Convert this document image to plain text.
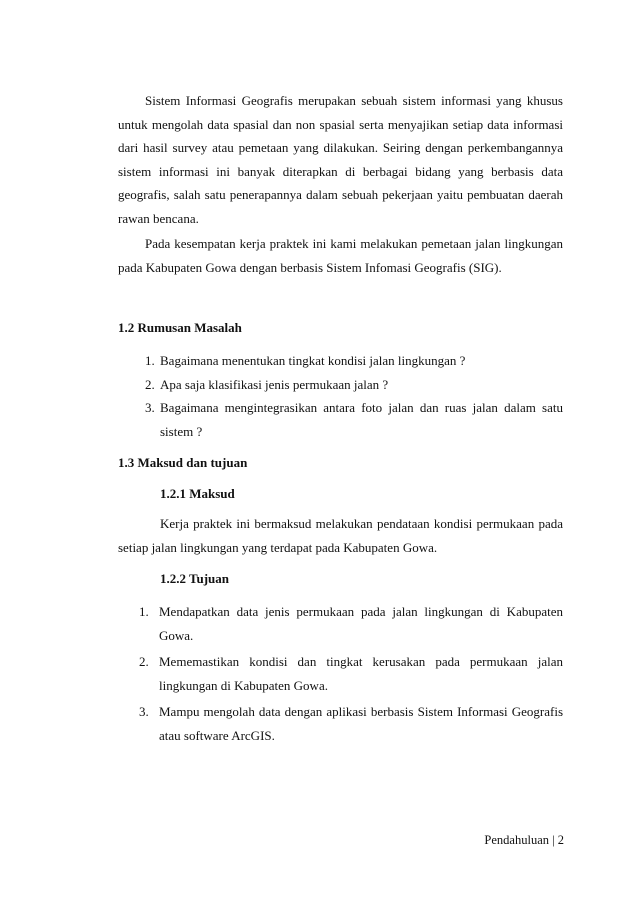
Sistem Informasi Geografis merupakan sebuah sistem informasi yang khusus untuk mengolah data spasial dan non spasial serta menyajikan setiap data informasi dari hasil survey atau pemetaan yang dilakukan. Seiring dengan perkembangannya sistem informasi ini banyak diterapkan di berbagai bidang yang berbasis data geografis, salah satu penerapannya dalam sebuah pekerjaan yaitu pembuatan daerah rawan bencana.

Pada kesempatan kerja praktek ini kami melakukan pemetaan jalan lingkungan pada Kabupaten Gowa dengan berbasis Sistem Infomasi Geografis (SIG).

1.2 Rumusan Masalah

1. Bagaimana menentukan tingkat kondisi jalan lingkungan ?
2. Apa saja klasifikasi jenis permukaan jalan ?
3. Bagaimana mengintegrasikan antara foto jalan dan ruas jalan dalam satu sistem ?

1.3 Maksud dan tujuan

1.2.1 Maksud

Kerja praktek ini bermaksud melakukan pendataan kondisi permukaan pada setiap jalan lingkungan yang terdapat pada Kabupaten Gowa.

1.2.2 Tujuan

1. Mendapatkan data jenis permukaan pada jalan lingkungan di Kabupaten Gowa.
2. Mememastikan kondisi dan tingkat kerusakan pada permukaan jalan lingkungan di Kabupaten Gowa.
3. Mampu mengolah data dengan aplikasi berbasis Sistem Informasi Geografis atau software ArcGIS.
Pendahuluan | 2
